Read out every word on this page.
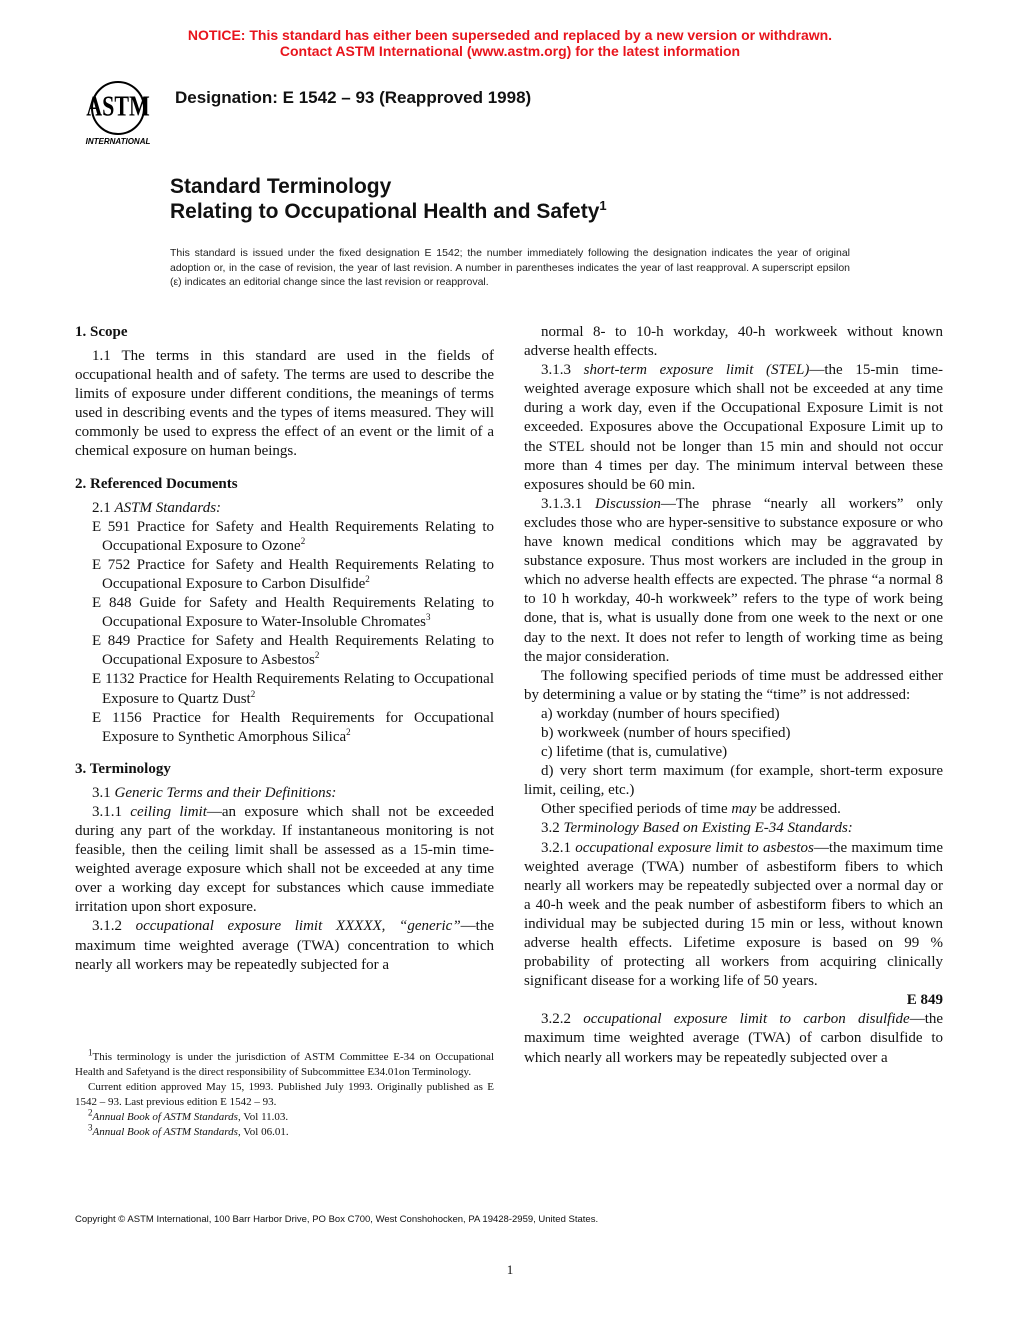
NOTICE: This standard has either been superseded and replaced by a new version or withdrawn.
Contact ASTM International (www.astm.org) for the latest information
ASTM
INTERNATIONAL
Designation: E 1542 – 93 (Reapproved 1998)
Standard Terminology
Relating to Occupational Health and Safety$^1$
This standard is issued under the fixed designation E 1542; the number immediately following the designation indicates the year of original adoption or, in the case of revision, the year of last revision. A number in parentheses indicates the year of last reapproval. A superscript epsilon (ε) indicates an editorial change since the last revision or reapproval.
1. Scope

1.1 The terms in this standard are used in the fields of occupational health and of safety. The terms are used to describe the limits of exposure under different conditions, the meanings of terms used in describing events and the types of items measured. They will commonly be used to express the effect of an event or the limit of a chemical exposure on human beings.

2. Referenced Documents

2.1 ASTM Standards:

E 591 Practice for Safety and Health Requirements Relating to Occupational Exposure to Ozone$^2$

E 752 Practice for Safety and Health Requirements Relating to Occupational Exposure to Carbon Disulfide$^2$

E 848 Guide for Safety and Health Requirements Relating to Occupational Exposure to Water-Insoluble Chromates$^3$

E 849 Practice for Safety and Health Requirements Relating to Occupational Exposure to Asbestos$^2$

E 1132 Practice for Health Requirements Relating to Occupational Exposure to Quartz Dust$^2$

E 1156 Practice for Health Requirements for Occupational Exposure to Synthetic Amorphous Silica$^2$

3. Terminology

3.1 Generic Terms and their Definitions:

3.1.1 ceiling limit—an exposure which shall not be exceeded during any part of the workday. If instantaneous monitoring is not feasible, then the ceiling limit shall be assessed as a 15-min time-weighted average exposure which shall not be exceeded at any time over a working day except for substances which cause immediate irritation upon short exposure.

3.1.2 occupational exposure limit XXXXX, “generic”—the maximum time weighted average (TWA) concentration to which nearly all workers may be repeatedly subjected for a

normal 8- to 10-h workday, 40-h workweek without known adverse health effects.

3.1.3 short-term exposure limit (STEL)—the 15-min time-weighted average exposure which shall not be exceeded at any time during a work day, even if the Occupational Exposure Limit is not exceeded. Exposures above the Occupational Exposure Limit up to the STEL should not be longer than 15 min and should not occur more than 4 times per day. The minimum interval between these exposures should be 60 min.

3.1.3.1 Discussion—The phrase “nearly all workers” only excludes those who are hyper-sensitive to substance exposure or who have known medical conditions which may be aggravated by substance exposure. Thus most workers are included in the group in which no adverse health effects are expected. The phrase “a normal 8 to 10 h workday, 40-h workweek” refers to the type of work being done, that is, what is usually done from one week to the next or one day to the next. It does not refer to length of working time as being the major consideration.

The following specified periods of time must be addressed either by determining a value or by stating the “time” is not addressed:

a) workday (number of hours specified)

b) workweek (number of hours specified)

c) lifetime (that is, cumulative)

d) very short term maximum (for example, short-term exposure limit, ceiling, etc.)

Other specified periods of time may be addressed.

3.2 Terminology Based on Existing E-34 Standards:

3.2.1 occupational exposure limit to asbestos—the maximum time weighted average (TWA) number of asbestiform fibers to which nearly all workers may be repeatedly subjected over a normal day or a 40-h week and the peak number of asbestiform fibers to which an individual may be subjected during 15 min or less, without known adverse health effects. Lifetime exposure is based on 99 % probability of protecting all workers from acquiring clinically significant disease for a working life of 50 years.

E 849

3.2.2 occupational exposure limit to carbon disulfide—the maximum time weighted average (TWA) of carbon disulfide to which nearly all workers may be repeatedly subjected over a

$^1$This terminology is under the jurisdiction of ASTM Committee E-34 on Occupational Health and Safetyand is the direct responsibility of Subcommittee E34.01on Terminology.

Current edition approved May 15, 1993. Published July 1993. Originally published as E 1542 – 93. Last previous edition E 1542 – 93.

$^2$Annual Book of ASTM Standards, Vol 11.03.

$^3$Annual Book of ASTM Standards, Vol 06.01.

Copyright © ASTM International, 100 Barr Harbor Drive, PO Box C700, West Conshohocken, PA 19428-2959, United States.
1
